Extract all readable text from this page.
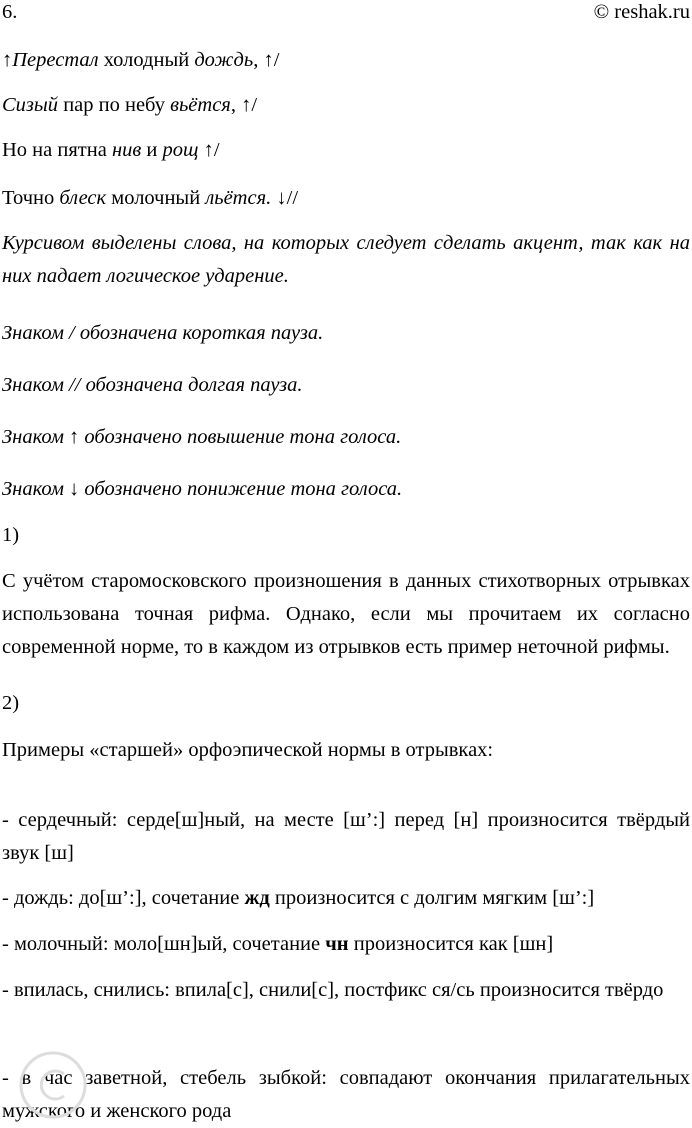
6.	© reshak.ru

↑Перестал холодный дождь, ↑/

Сизый пар по небу вьётся, ↑/

Но на пятна нив и рощ ↑/

Точно блеск молочный льётся. ↓//

Курсивом выделены слова, на которых следует сделать акцент, так как на них падает логическое ударение.

Знаком / обозначена короткая пауза.

Знаком // обозначена долгая пауза.

Знаком ↑ обозначено повышение тона голоса.

Знаком ↓ обозначено понижение тона голоса.

1)

С учётом старомосковского произношения в данных стихотворных отрывках использована точная рифма. Однако, если мы прочитаем их согласно современной норме, то в каждом из отрывков есть пример неточной рифмы.

2)

Примеры «старшей» орфоэпической нормы в отрывках:

- сердечный: серде[ш]ный, на месте [ш’:] перед [н] произносится твёрдый звук [ш]

- дождь: до[ш’:], сочетание жд произносится с долгим мягким [ш’:]

- молочный: моло[шн]ый, сочетание чн произносится как [шн]

- впилась, снились: впила[с], снили[с], постфикс ся/сь произносится твёрдо

- в час заветной, стебель зыбкой: совпадают окончания прилагательных мужского и женского рода
